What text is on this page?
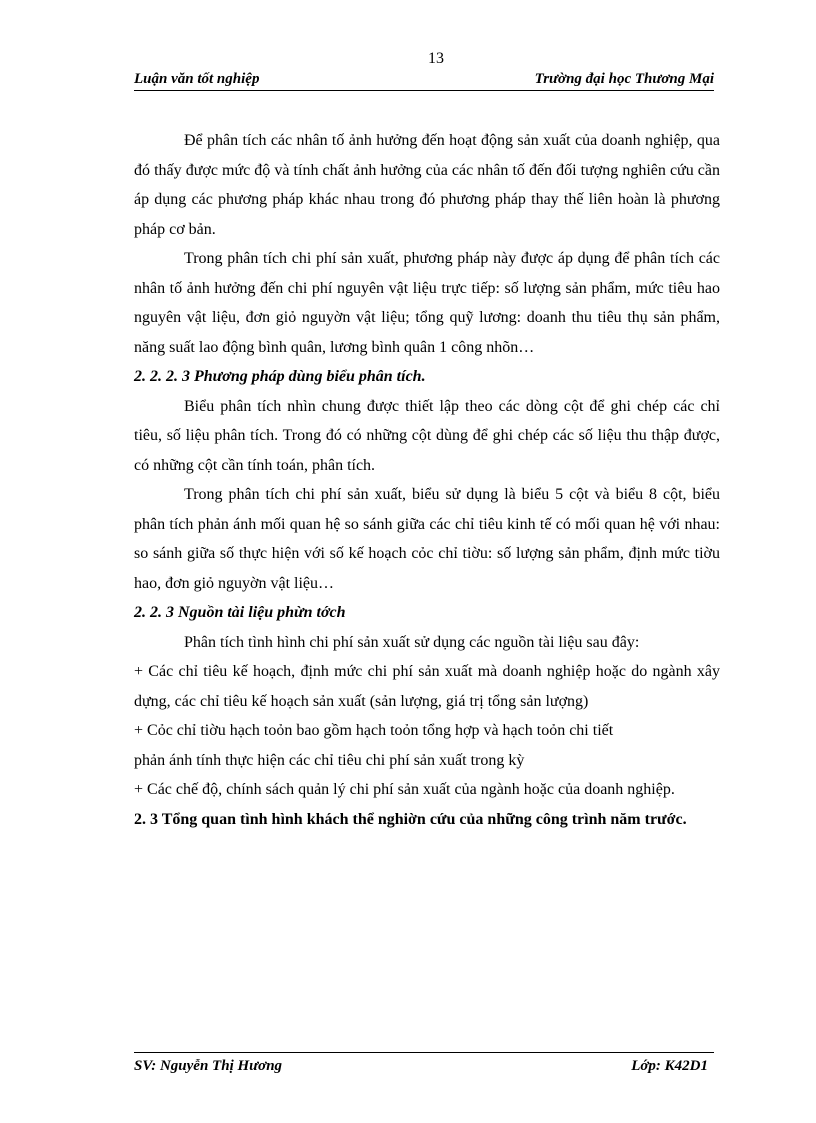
13
Luận văn tốt nghiệp	Trường đại học Thương Mại

Để phân tích các nhân tố ảnh hưởng đến hoạt động sản xuất của doanh nghiệp, qua đó thấy được mức độ và tính chất ảnh hưởng của các nhân tố đến đối tượng nghiên cứu cần áp dụng các phương pháp khác nhau trong đó phương pháp thay thế liên hoàn là phương pháp cơ bản.

Trong phân tích chi phí sản xuất, phương pháp này được áp dụng để phân tích các nhân tố ảnh hưởng đến chi phí nguyên vật liệu trực tiếp: số lượng sản phẩm, mức tiêu hao nguyên vật liệu, đơn giỏ nguyờn vật liệu; tổng quỹ lương: doanh thu tiêu thụ sản phẩm, năng suất lao động bình quân, lương bình quân 1 công nhõn…

2. 2. 2. 3 Phương pháp dùng biểu phân tích.

Biểu phân tích nhìn chung được thiết lập theo các dòng cột để ghi chép các chỉ tiêu, số liệu phân tích. Trong đó có những cột dùng để ghi chép các số liệu thu thập được, có những cột cần tính toán, phân tích.

Trong phân tích chi phí sản xuất, biểu sử dụng là biểu 5 cột và biểu 8 cột, biểu phân tích phản ánh mối quan hệ so sánh giữa các chỉ tiêu kinh tế có mối quan hệ với nhau: so sánh giữa số thực hiện với số kế hoạch cỏc chỉ tiờu: số lượng sản phẩm, định mức tiờu hao, đơn giỏ nguyờn vật liệu…

2. 2. 3 Nguồn tài liệu phừn tớch

Phân tích tình hình chi phí sản xuất sử dụng các nguồn tài liệu sau đây:

+ Các chỉ tiêu kế hoạch, định mức chi phí sản xuất mà doanh nghiệp hoặc do ngành xây dựng, các chỉ tiêu kế hoạch sản xuất (sản lượng, giá trị tổng sản lượng)

+ Cỏc chỉ tiờu hạch toỏn bao gồm hạch toỏn tổng hợp và hạch toỏn chi tiết

phản ánh tính thực hiện các chỉ tiêu chi phí sản xuất trong kỳ

+ Các chế độ, chính sách quản lý chi phí sản xuất của ngành hoặc của doanh nghiệp.

2. 3 Tổng quan tình hình khách thể nghiờn cứu của những công trình năm trước.

SV: Nguyễn Thị Hương	Lớp: K42D1
